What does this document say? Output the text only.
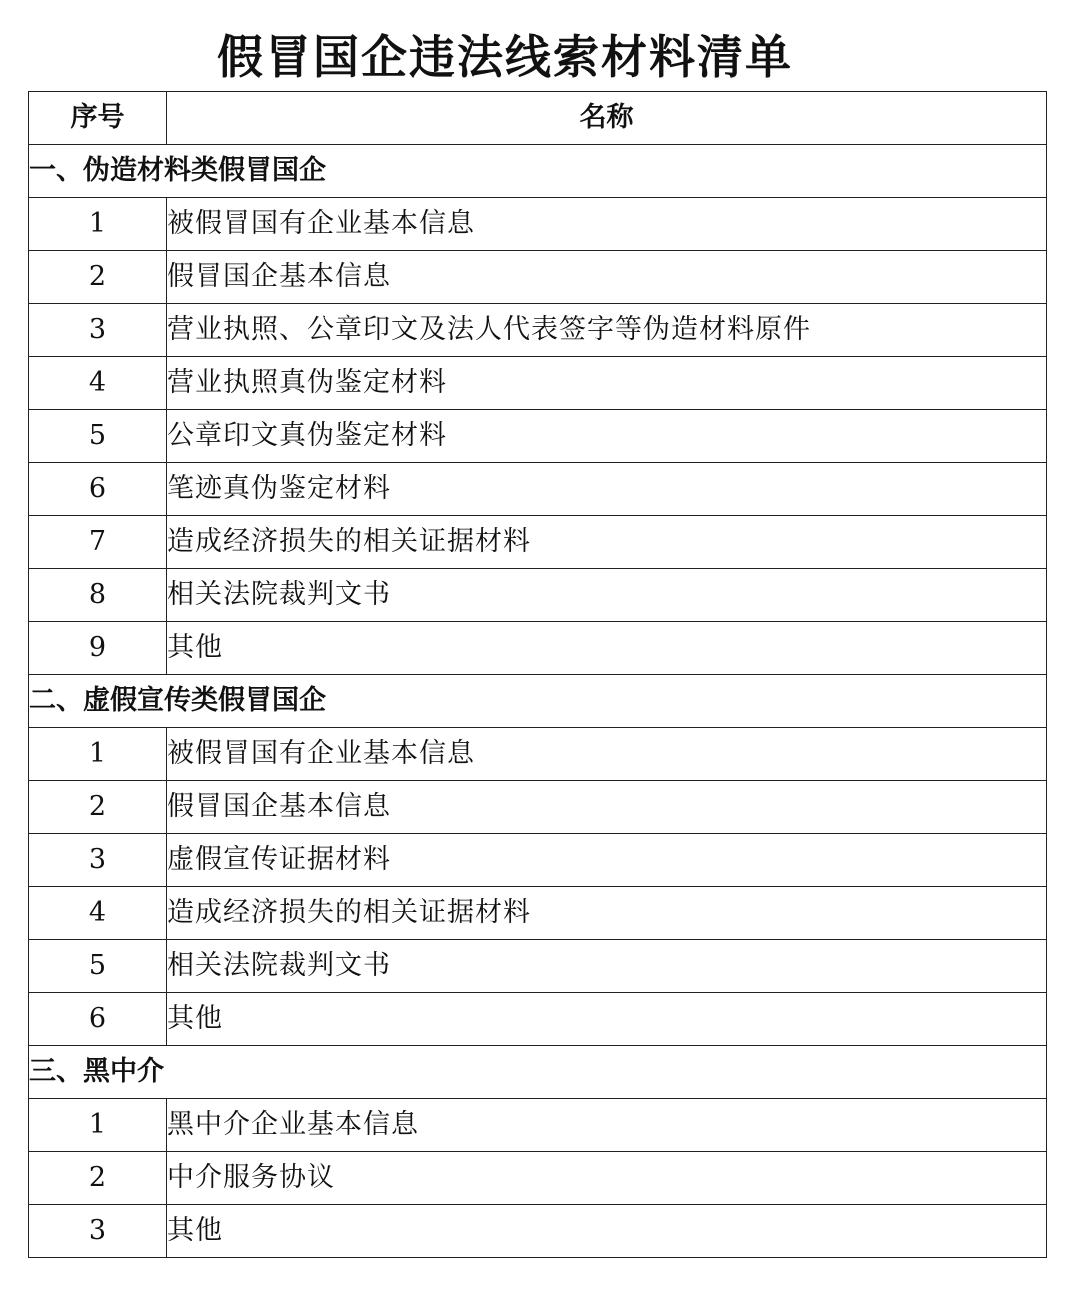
假冒国企违法线索材料清单
序号	名称
一、伪造材料类假冒国企	
1	被假冒国有企业基本信息
2	假冒国企基本信息
3	营业执照、公章印文及法人代表签字等伪造材料原件
4	营业执照真伪鉴定材料
5	公章印文真伪鉴定材料
6	笔迹真伪鉴定材料
7	造成经济损失的相关证据材料
8	相关法院裁判文书
9	其他
二、虚假宣传类假冒国企	
1	被假冒国有企业基本信息
2	假冒国企基本信息
3	虚假宣传证据材料
4	造成经济损失的相关证据材料
5	相关法院裁判文书
6	其他
三、黑中介	
1	黑中介企业基本信息
2	中介服务协议
3	其他
